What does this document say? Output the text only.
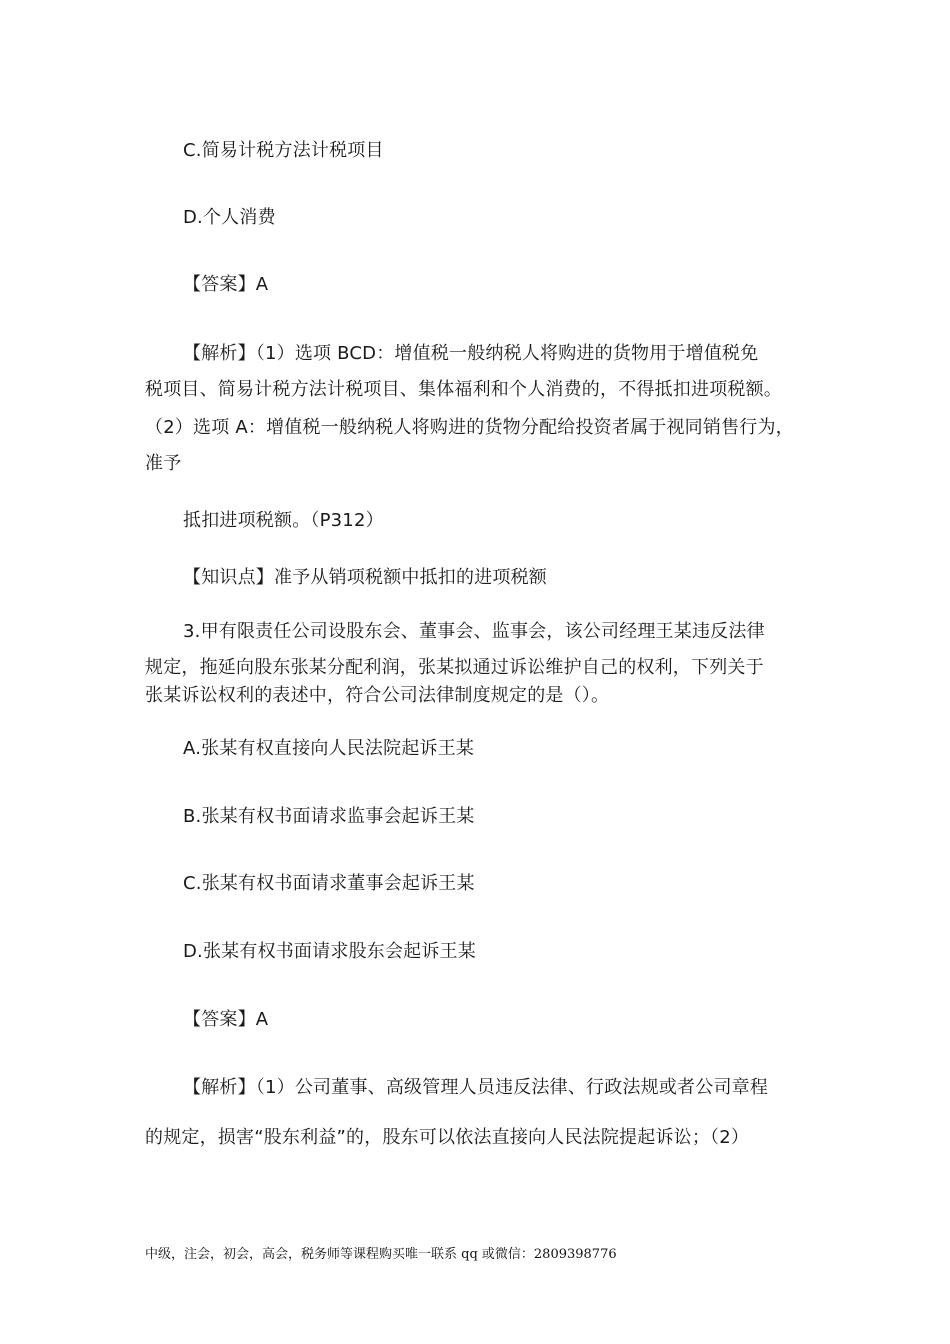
C.简易计税方法计税项目
D.个人消费
【答案】A
【解析】（1）选项 BCD：增值税一般纳税人将购进的货物用于增值税免
税项目、简易计税方法计税项目、集体福利和个人消费的，不得抵扣进项税额。
（2）选项 A：增值税一般纳税人将购进的货物分配给投资者属于视同销售行为，
准予
抵扣进项税额。（P312）
【知识点】准予从销项税额中抵扣的进项税额
3.甲有限责任公司设股东会、董事会、监事会，该公司经理王某违反法律
规定，拖延向股东张某分配利润，张某拟通过诉讼维护自己的权利，下列关于
张某诉讼权利的表述中，符合公司法律制度规定的是（）。
A.张某有权直接向人民法院起诉王某
B.张某有权书面请求监事会起诉王某
C.张某有权书面请求董事会起诉王某
D.张某有权书面请求股东会起诉王某
【答案】A
【解析】（1）公司董事、高级管理人员违反法律、行政法规或者公司章程
的规定，损害“股东利益”的，股东可以依法直接向人民法院提起诉讼；（2）
中级，注会，初会，高会，税务师等课程购买唯一联系 qq 或微信：2809398776
